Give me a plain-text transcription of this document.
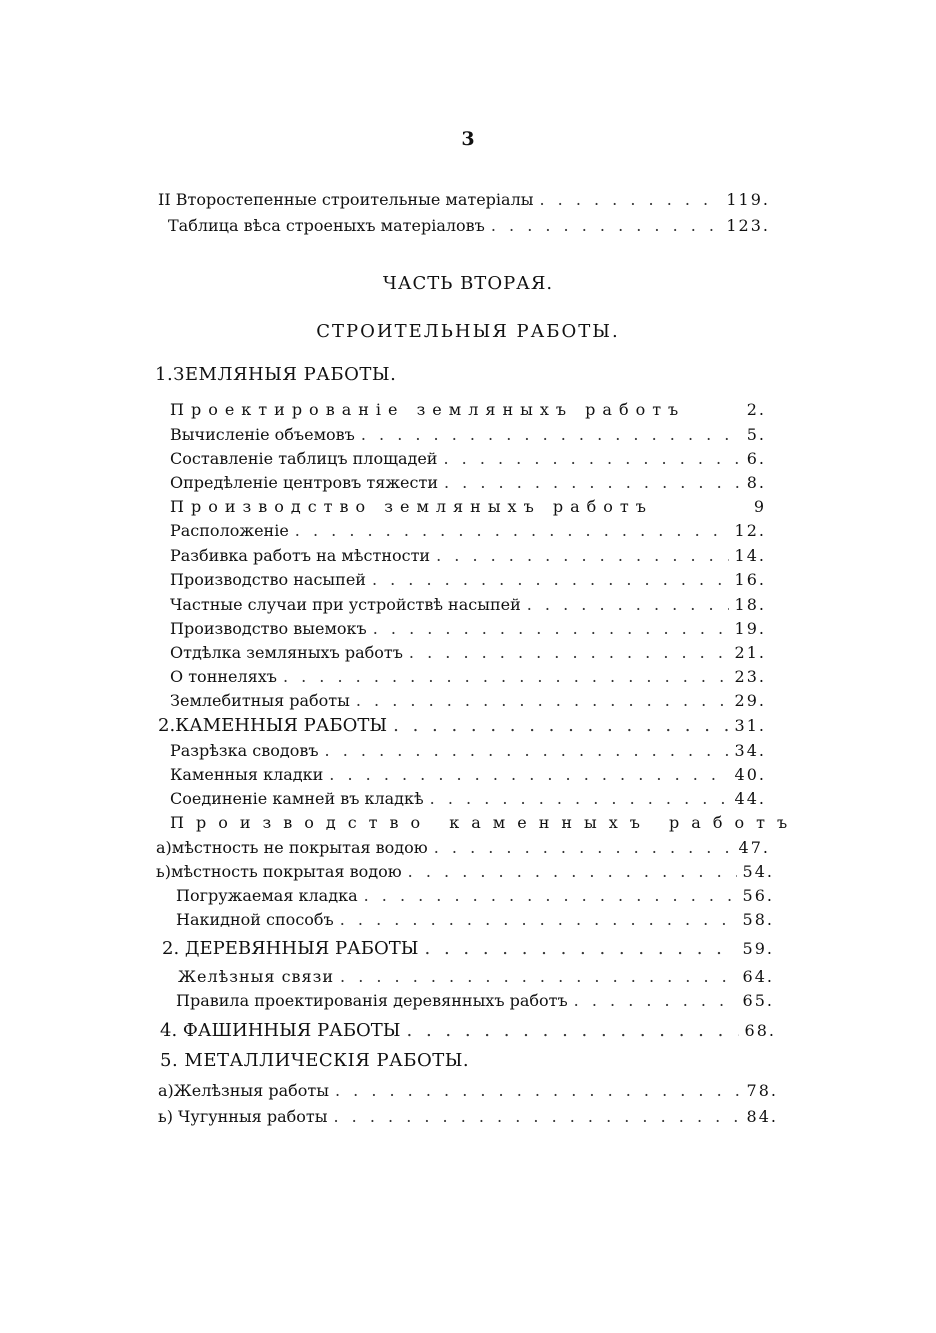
3
II Второстепенные строительные матеріалы . . .	119.
Таблица вѣса строеныхъ матеріаловъ . . .	123.
ЧАСТЬ ВТОРАЯ.
СТРОИТЕЛЬНЫЯ РАБОТЫ.
1.ЗЕМЛЯНЫЯ РАБОТЫ.
Проектированіе земляныхъ работъ	2.
Вычисленіе объемовъ . . .	5.
Составленіе таблицъ площадей . . .	6.
Опредѣленіе центровъ тяжести . . .	8.
Производство земляныхъ работъ	9
Расположеніе . . .	12.
Разбивка работъ на мѣстности . . .	14.
Производство насыпей . . .	16.
Частные случаи при устройствѣ насыпей . . .	18.
Производство выемокъ . . .	19.
Отдѣлка земляныхъ работъ . . .	21.
О тоннеляхъ . . .	23.
Землебитныя работы . . .	29.
2.КАМЕННЫЯ РАБОТЫ . . .	31.
Разрѣзка сводовъ . . .	34.
Каменныя кладки . . .	40.
Соединеніе камней въ кладкѣ . . .	44.
Производство каменныхъ работъ
а)мѣстность не покрытая водою . . .	47.
ь)мѣстность покрытая водою . . .	54.
Погружаемая кладка . . .	56.
Накидной способъ . . .	58.
2. ДЕРЕВЯННЫЯ РАБОТЫ . . .	59.
Желѣзныя связи . . .	64.
Правила проектированія деревянныхъ работъ . . .	65.
4. ФАШИННЫЯ РАБОТЫ . . .	68.
5. МЕТАЛЛИЧЕСКІЯ РАБОТЫ.
а)Желѣзныя работы . . .	78.
ь) Чугунныя работы . . .	84.
